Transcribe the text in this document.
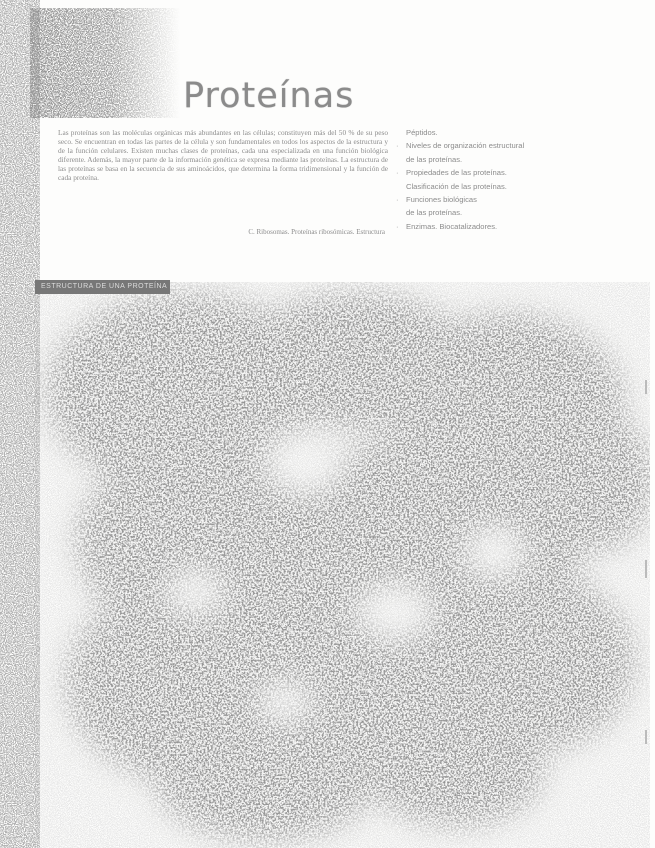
∷	Proteínas

Las proteínas son las moléculas orgánicas más abundantes en las células; constituyen más del 50 % de su peso seco. Se encuentran en todas las partes de la célula y son fundamentales en todos los aspectos de la estructura y de la función celulares. Existen muchas clases de proteínas, cada una especializada en una función biológica diferente. Además, la mayor parte de la información genética se expresa mediante las proteínas. La estructura de las proteínas se basa en la secuencia de sus aminoácidos, que determina la forma tridimensional y la función de cada proteína.

C. Ribosomas. Proteínas ribosómicas. Estructura

Péptidos.
· Niveles de organización estructural
de las proteínas.
· Propiedades de las proteínas.
Clasificación de las proteínas.
· Funciones biológicas
de las proteínas.
· Enzimas. Biocatalizadores.
ESTRUCTURA DE UNA PROTEÍNA
